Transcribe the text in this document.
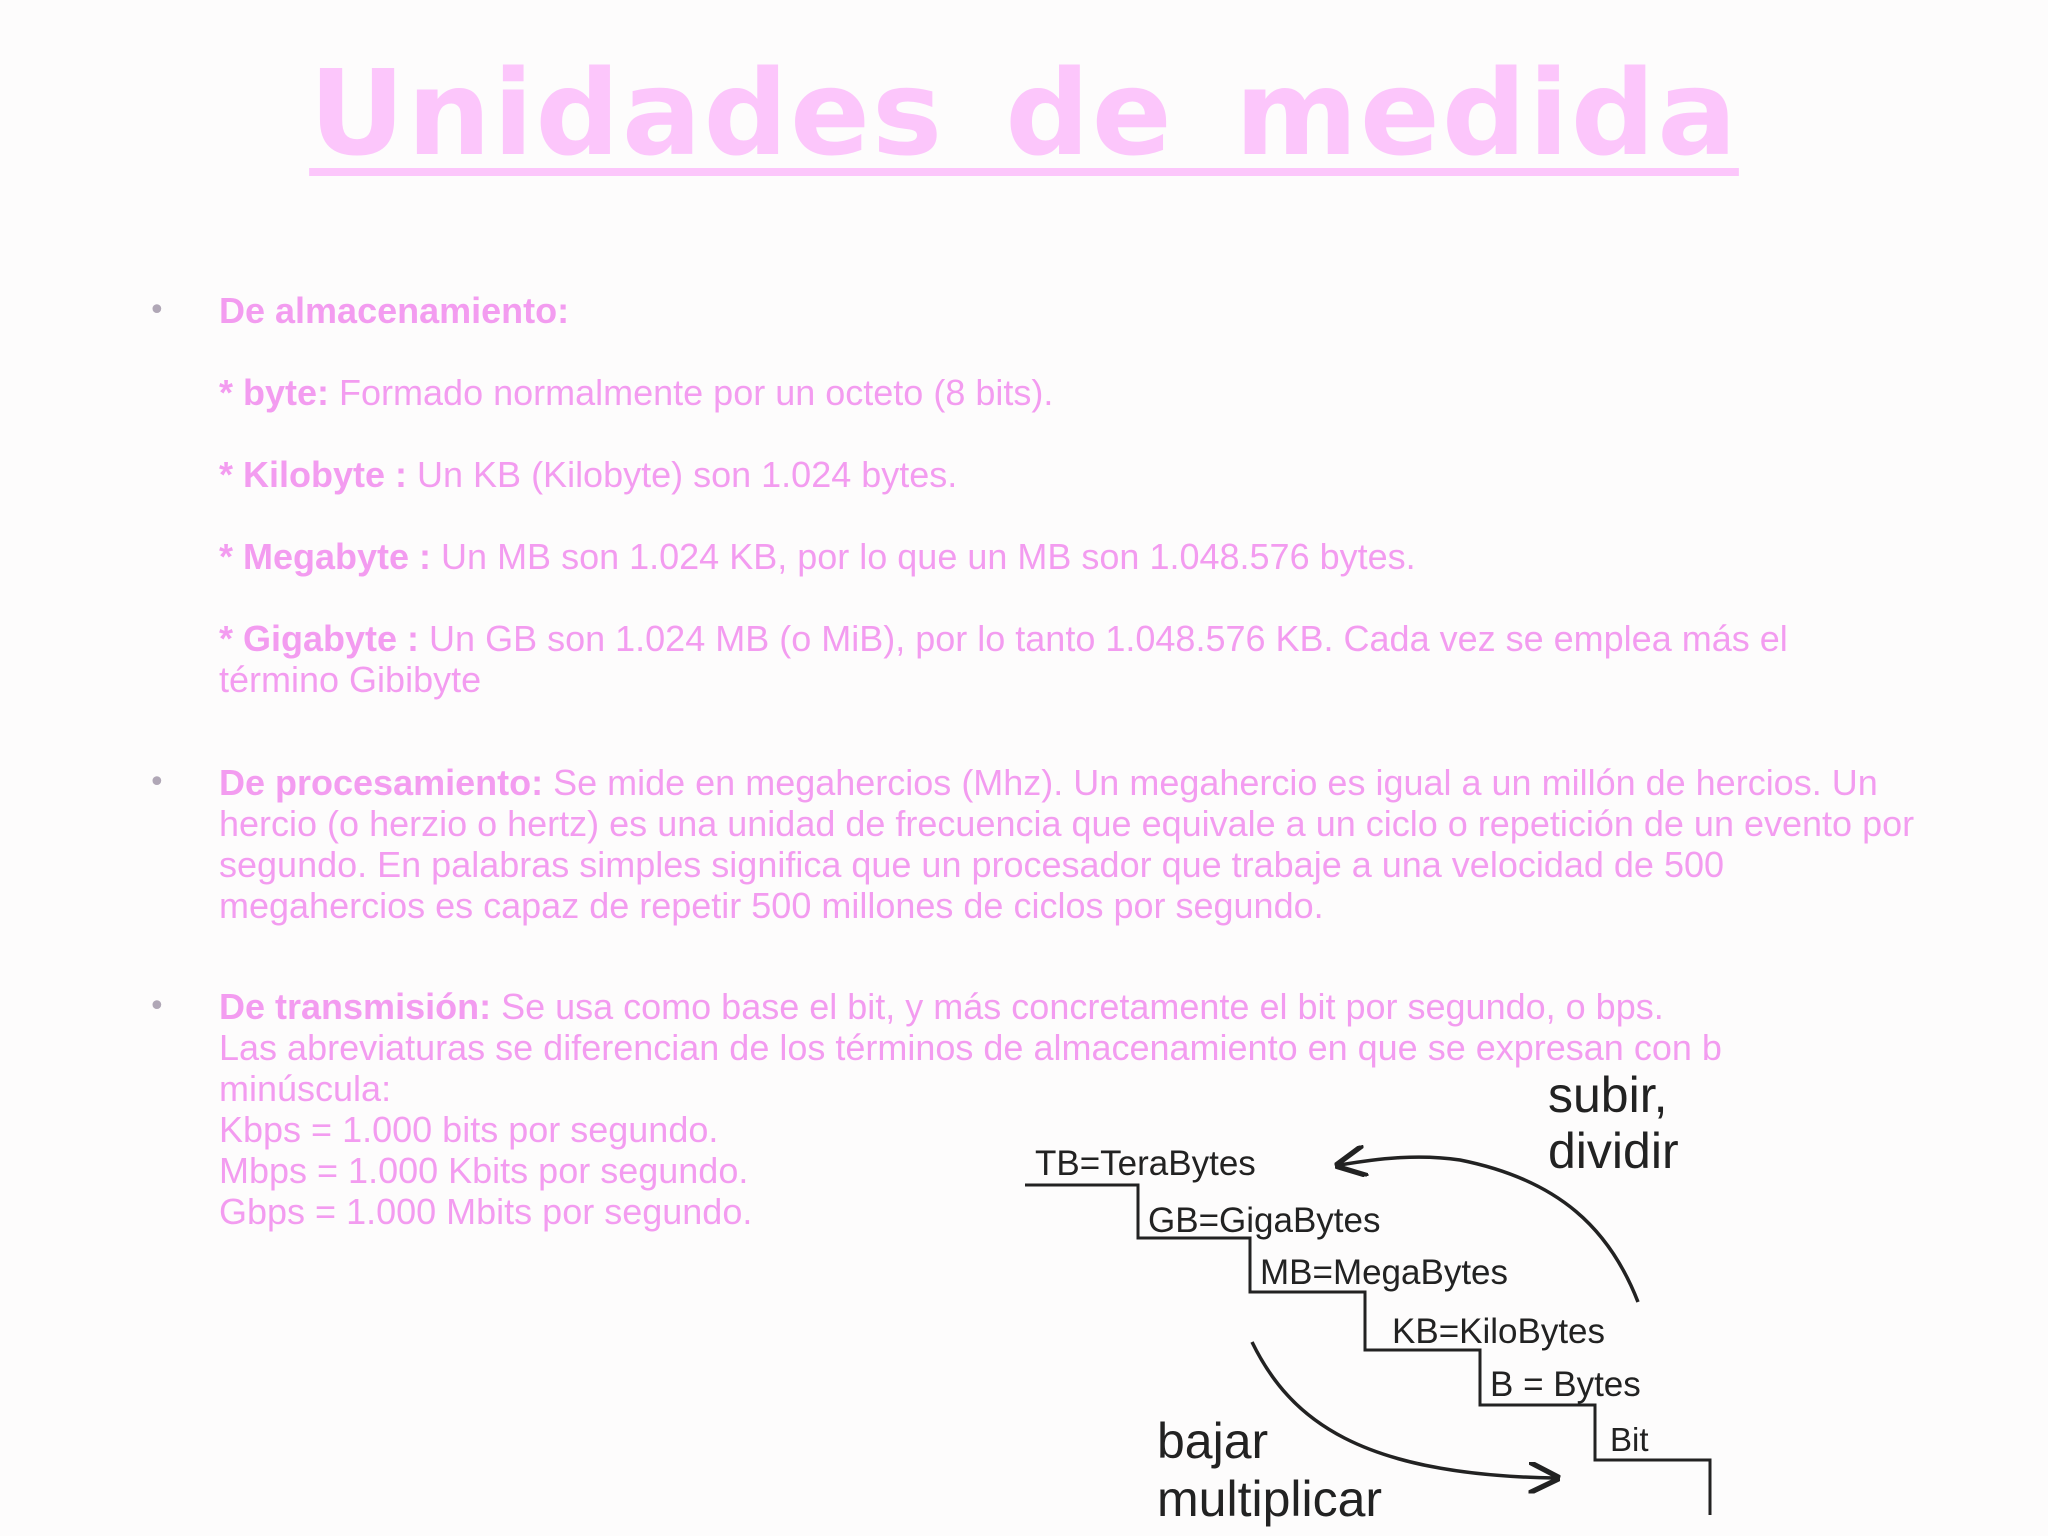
Unidades de medida
• De almacenamiento:
* byte: Formado normalmente por un octeto (8 bits).
* Kilobyte : Un KB (Kilobyte) son 1.024 bytes.
* Megabyte : Un MB son 1.024 KB, por lo que un MB son 1.048.576 bytes.
* Gigabyte : Un GB son 1.024 MB (o MiB), por lo tanto 1.048.576 KB. Cada vez se emplea más el término Gibibyte
• De procesamiento: Se mide en megahercios (Mhz). Un megahercio es igual a un millón de hercios. Un hercio (o herzio o hertz) es una unidad de frecuencia que equivale a un ciclo o repetición de un evento por segundo. En palabras simples significa que un procesador que trabaje a una velocidad de 500 megahercios es capaz de repetir 500 millones de ciclos por segundo.
• De transmisión: Se usa como base el bit, y más concretamente el bit por segundo, o bps.
Las abreviaturas se diferencian de los términos de almacenamiento en que se expresan con b minúscula:
Kbps = 1.000 bits por segundo.
Mbps = 1.000 Kbits por segundo.
Gbps = 1.000 Mbits por segundo.
TB=TeraBytes
GB=GigaBytes
MB=MegaBytes
KB=KiloBytes
B = Bytes
Bit
subir,
dividir
bajar
multiplicar
